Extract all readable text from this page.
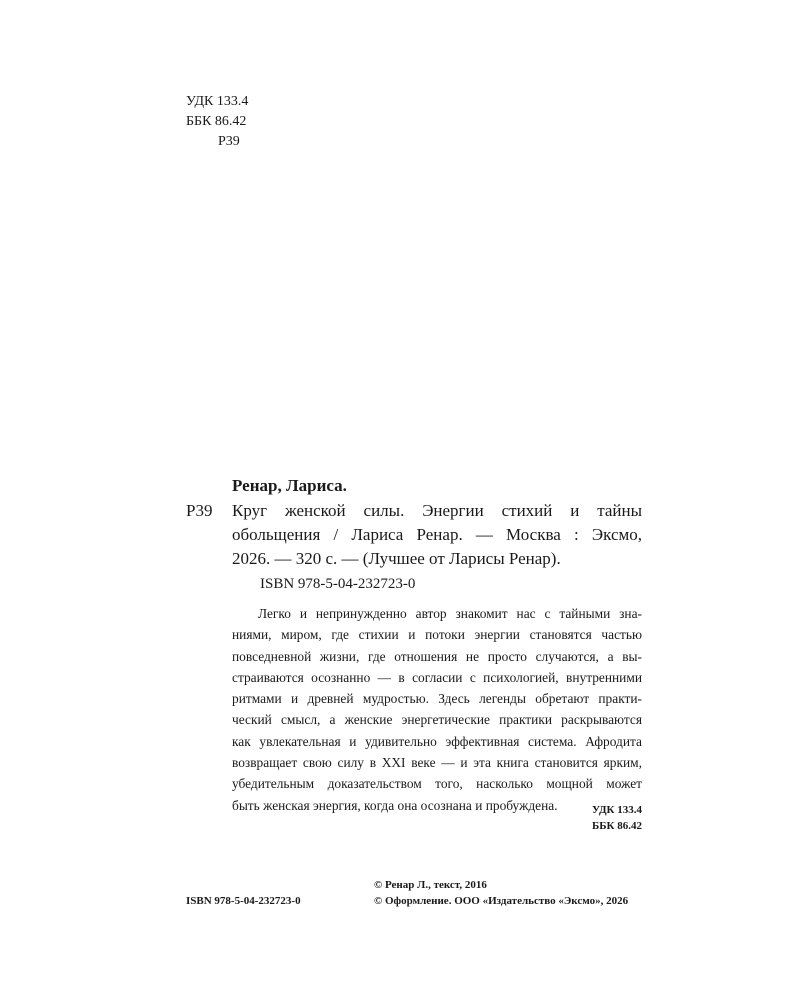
УДК 133.4
ББК 86.42
Р39
Ренар, Лариса.
Р39 Круг женской силы. Энергии стихий и тайны
обольщения / Лариса Ренар. — Москва : Эксмо,
2026. — 320 с. — (Лучшее от Ларисы Ренар).
ISBN 978-5-04-232723-0
Легко и непринужденно автор знакомит нас с тайными зна-
ниями, миром, где стихии и потоки энергии становятся частью
повседневной жизни, где отношения не просто случаются, а вы-
страиваются осознанно — в согласии с психологией, внутренними
ритмами и древней мудростью. Здесь легенды обретают практи-
ческий смысл, а женские энергетические практики раскрываются
как увлекательная и удивительно эффективная система. Афродита
возвращает свою силу в XXI веке — и эта книга становится ярким,
убедительным доказательством того, насколько мощной может
быть женская энергия, когда она осознана и пробуждена.	УДК 133.4
ББК 86.42
ISBN 978-5-04-232723-0
© Ренар Л., текст, 2016
© Оформление. ООО «Издательство «Эксмо», 2026
